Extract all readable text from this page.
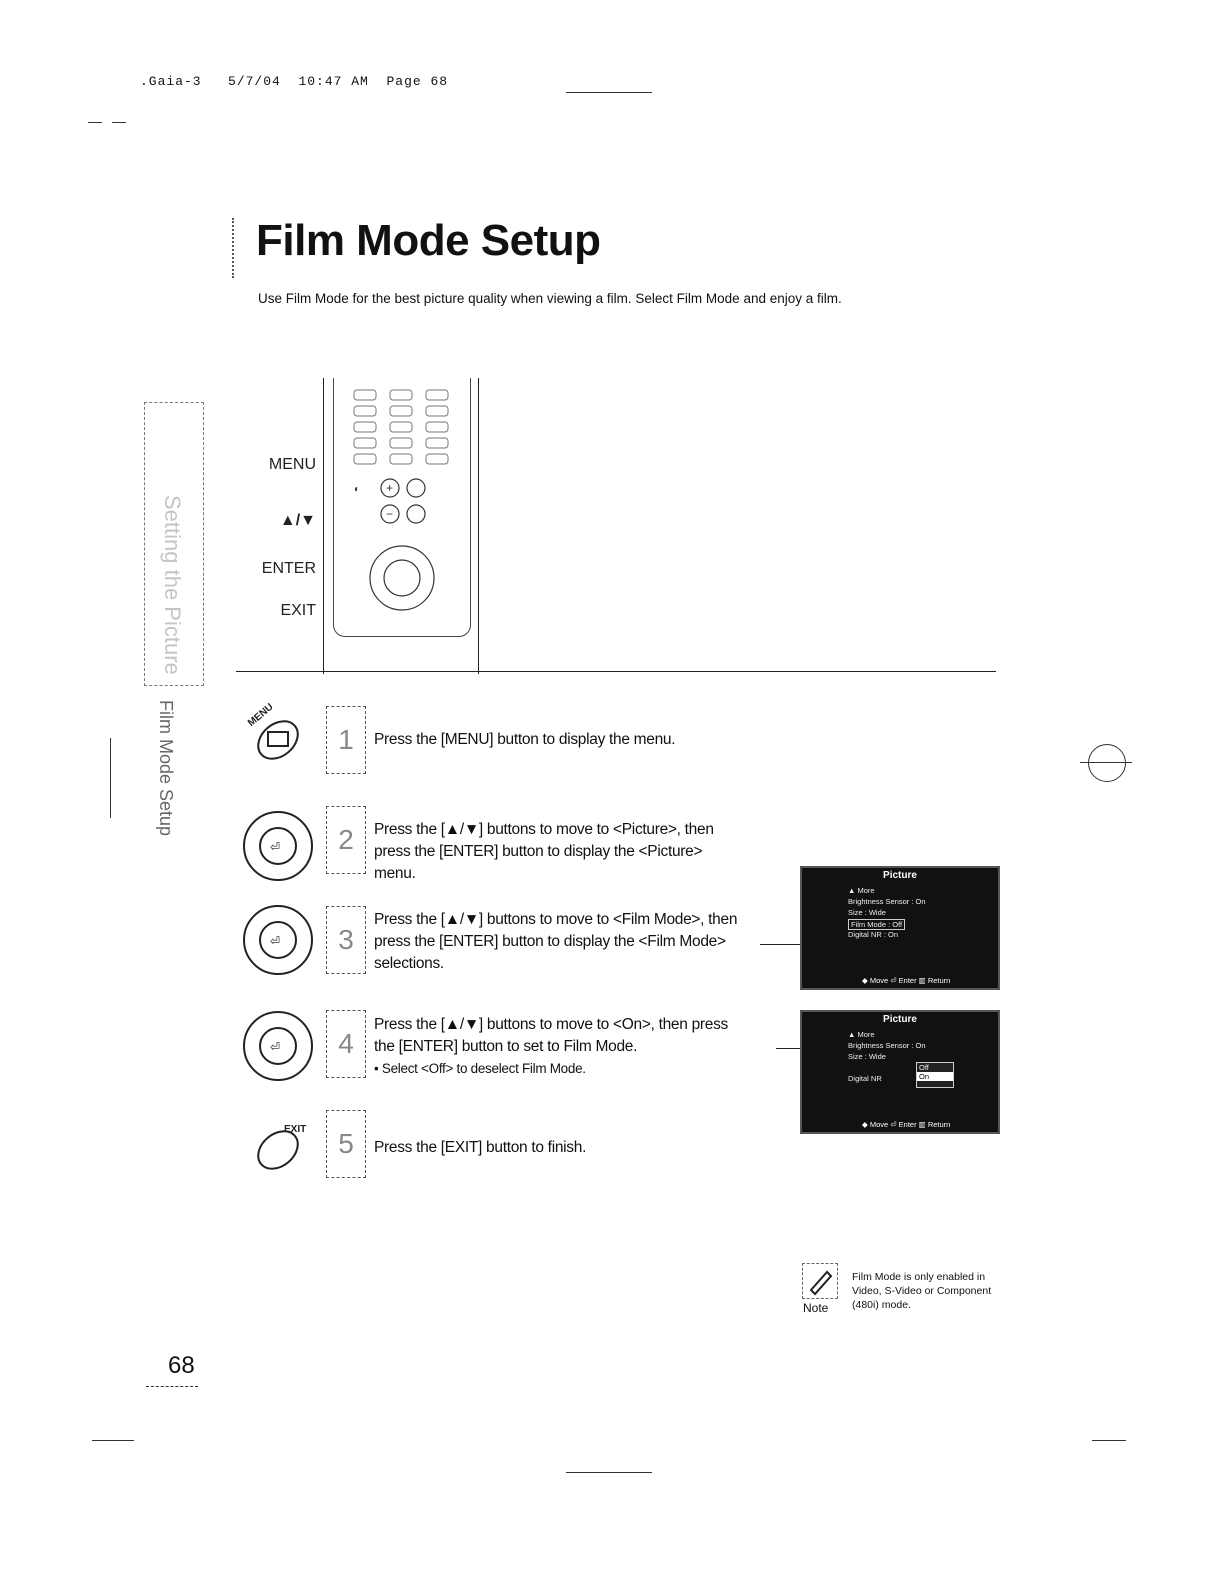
.Gaia-3 5/7/04 10:47 AM Page 68
Film Mode Setup
Use Film Mode for the best picture quality when viewing a film. Select Film Mode and enjoy a film.
Setting the Picture
Film Mode Setup
MENU
▲/▼
ENTER
EXIT
+
−
◐
MENU
⏎
⏎
⏎
EXIT
1	Press the [MENU] button to display the menu.
2	Press the [▲/▼] buttons to move to <Picture>, then press the [ENTER] button to display the <Picture> menu.
3
Press the [▲/▼] buttons to move to <Film Mode>, then press the [ENTER] button to display the <Film Mode> selections.
4
Press the [▲/▼] buttons to move to <On>, then press the [ENTER] button to set to Film Mode.
• Select <Off> to deselect Film Mode.
5	Press the [EXIT] button to finish.
Picture
▲ More
Brightness Sensor : On
Size : Wide
Film Mode : Off
Digital NR : On
◆ Move ⏎ Enter ▥ Return
Picture
▲ More
Brightness Sensor : On
Size : Wide
Digital NR
Off
On
◆ Move ⏎ Enter ▥ Return
Note
Film Mode is only enabled in Video, S-Video or Component (480i) mode.
68
